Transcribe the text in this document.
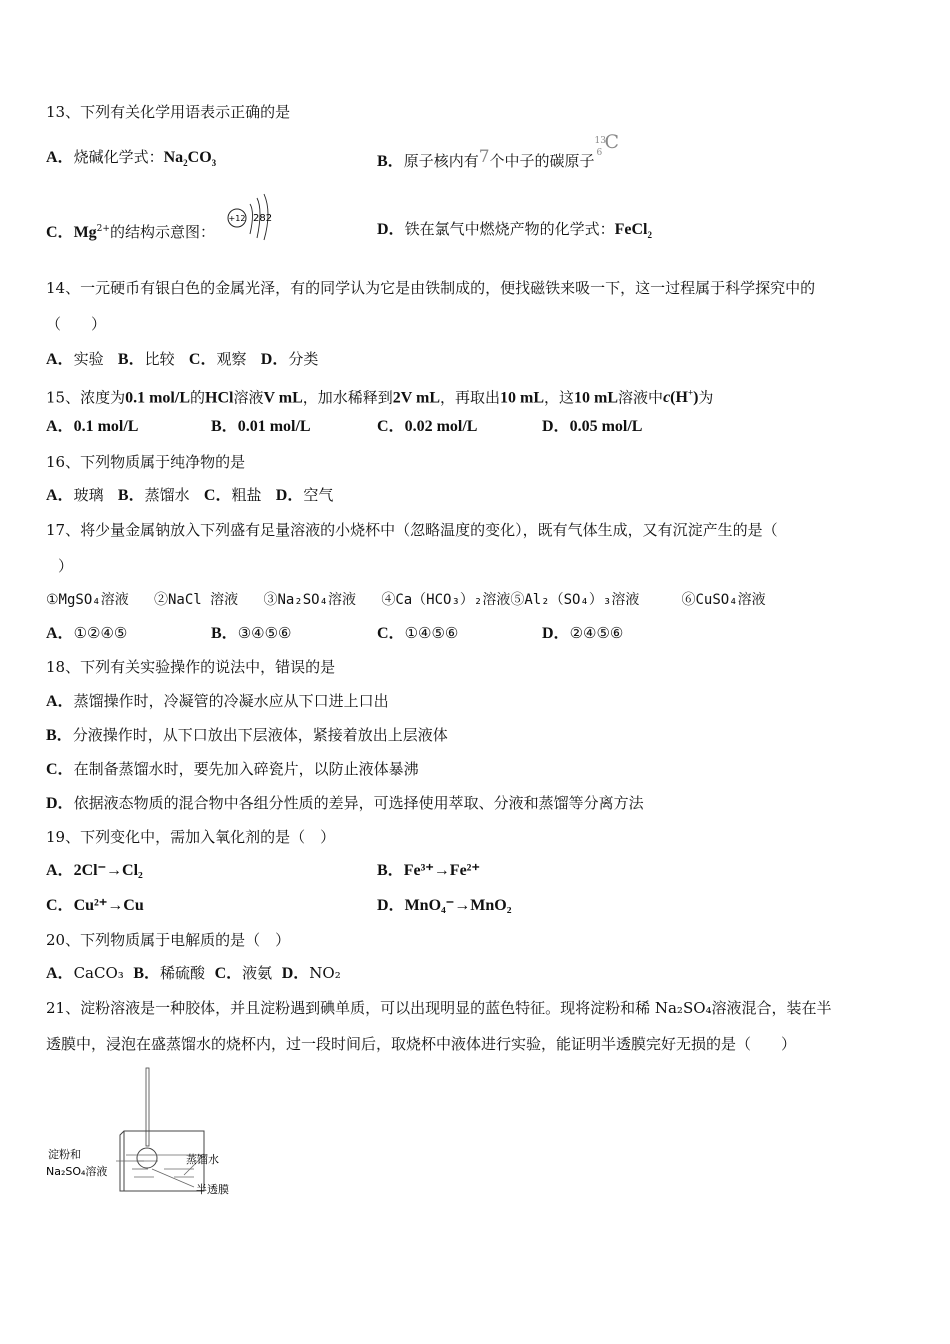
13、下列有关化学用语表示正确的是
A．烧碱化学式：$Na_2CO_3$	B．原子核内有7个中子的碳原子
13
6 C
C．$Mg^{2+}$的结构示意图：
+12 282
D．铁在氯气中燃烧产物的化学式：FeCl$_2$
14、一元硬币有银白色的金属光泽，有的同学认为它是由铁制成的，便找磁铁来吸一下，这一过程属于科学探究中的
（　　）
A．实验 B．比较 C．观察 D．分类
15、浓度为0.1 mol/L的HCl溶液V mL，加水稀释到2V mL，再取出10 mL，这10 mL溶液中c(H+)为
A．0.1 mol/L	B．0.01 mol/L	C．0.02 mol/L	D．0.05 mol/L
16、下列物质属于纯净物的是
A．玻璃 B．蒸馏水 C．粗盐 D．空气
17、将少量金属钠放入下列盛有足量溶液的小烧杯中（忽略温度的变化），既有气体生成，又有沉淀产生的是（
）
①MgSO₄溶液 ②NaCl 溶液 ③Na₂SO₄溶液 ④Ca（HCO₃）₂溶液⑤Al₂（SO₄）₃溶液	⑥CuSO₄溶液
A．①②④⑤	B．③④⑤⑥	C．①④⑤⑥	D．②④⑤⑥
18、下列有关实验操作的说法中，错误的是
A．蒸馏操作时，冷凝管的冷凝水应从下口进上口出
B．分液操作时，从下口放出下层液体，紧接着放出上层液体
C．在制备蒸馏水时，要先加入碎瓷片，以防止液体暴沸
D．依据液态物质的混合物中各组分性质的差异，可选择使用萃取、分液和蒸馏等分离方法
19、下列变化中，需加入氧化剂的是（　）
A．2Cl⁻→Cl₂	B．Fe³⁺→Fe²⁺
C．Cu²⁺→Cu	D．MnO₄⁻→MnO₂
20、下列物质属于电解质的是（　）
A．CaCO₃ B．稀硫酸 C．液氨 D．NO₂
21、淀粉溶液是一种胶体，并且淀粉遇到碘单质，可以出现明显的蓝色特征。现将淀粉和稀 Na₂SO₄溶液混合，装在半
透膜中，浸泡在盛蒸馏水的烧杯内，过一段时间后，取烧杯中液体进行实验，能证明半透膜完好无损的是（　　）
淀粉和
Na₂SO₄溶液
蒸馏水
半透膜
